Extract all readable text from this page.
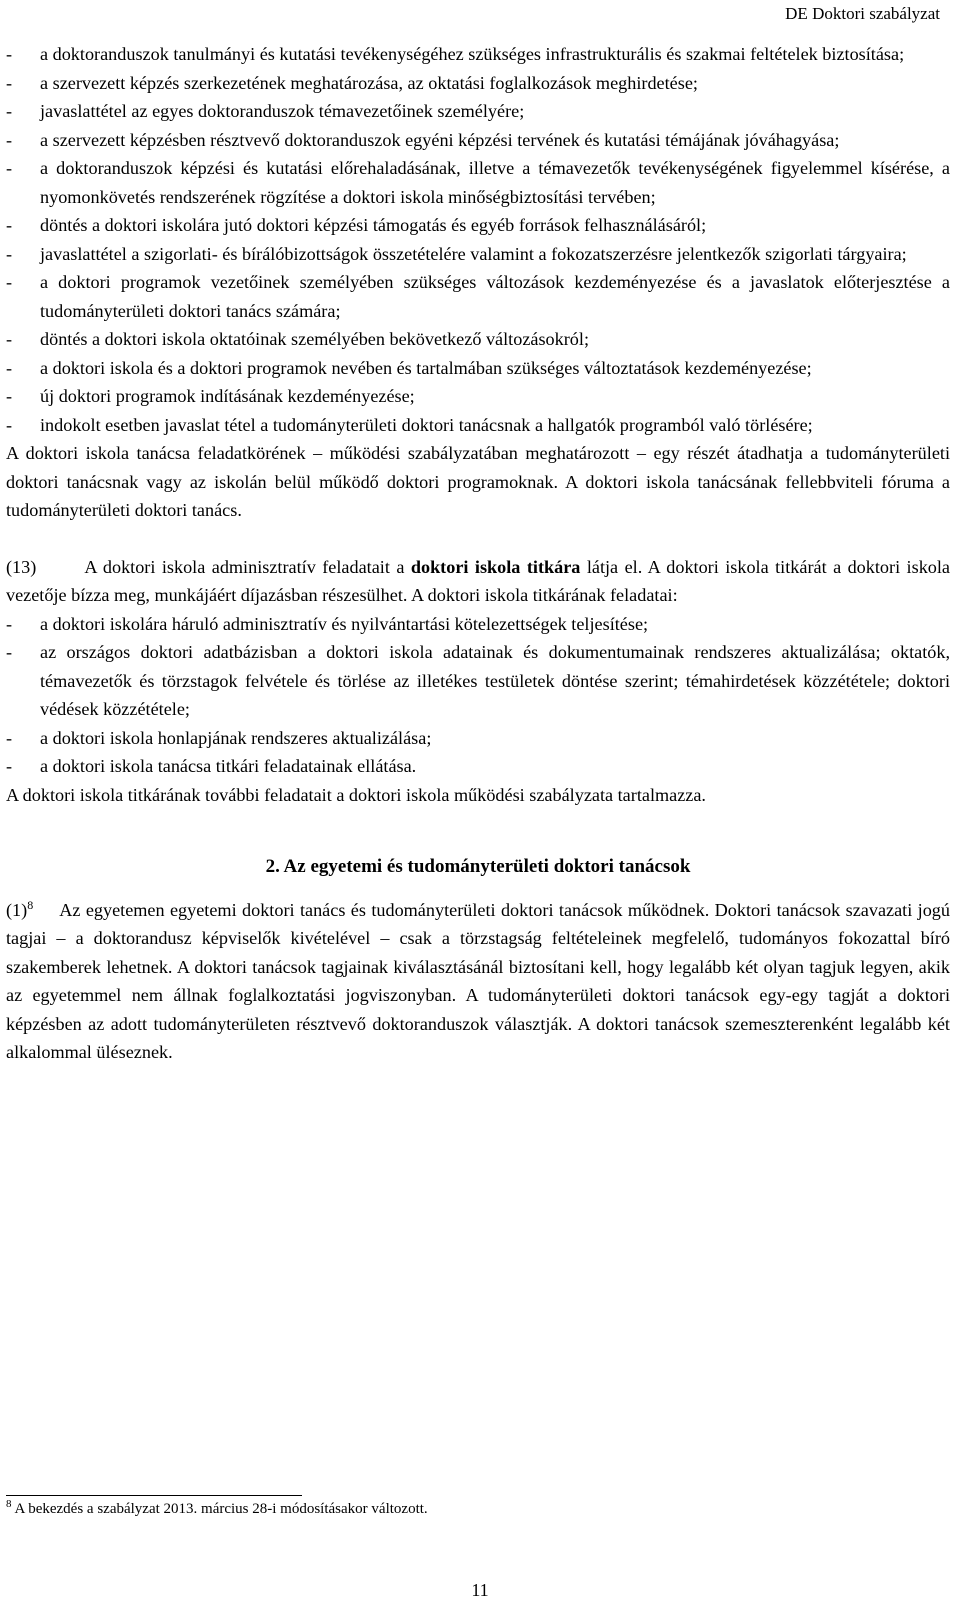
DE Doktori szabályzat
- a doktoranduszok tanulmányi és kutatási tevékenységéhez szükséges infrastrukturális és szakmai feltételek biztosítása;
- a szervezett képzés szerkezetének meghatározása, az oktatási foglalkozások meghirdetése;
- javaslattétel az egyes doktoranduszok témavezetőinek személyére;
- a szervezett képzésben résztvevő doktoranduszok egyéni képzési tervének és kutatási témájának jóváhagyása;
- a doktoranduszok képzési és kutatási előrehaladásának, illetve a témavezetők tevékenységének figyelemmel kísérése, a nyomonkövetés rendszerének rögzítése a doktori iskola minőségbiztosítási tervében;
- döntés a doktori iskolára jutó doktori képzési támogatás és egyéb források felhasználásáról;
- javaslattétel a szigorlati- és bírálóbizottságok összetételére valamint a fokozatszerzésre jelentkezők szigorlati tárgyaira;
- a doktori programok vezetőinek személyében szükséges változások kezdeményezése és a javaslatok előterjesztése a tudományterületi doktori tanács számára;
- döntés a doktori iskola oktatóinak személyében bekövetkező változásokról;
- a doktori iskola és a doktori programok nevében és tartalmában szükséges változtatások kezdeményezése;
- új doktori programok indításának kezdeményezése;
- indokolt esetben javaslat tétel a tudományterületi doktori tanácsnak a hallgatók programból való törlésére;

A doktori iskola tanácsa feladatkörének – működési szabályzatában meghatározott – egy részét átadhatja a tudományterületi doktori tanácsnak vagy az iskolán belül működő doktori programoknak. A doktori iskola tanácsának fellebbviteli fóruma a tudományterületi doktori tanács.

(13)	A doktori iskola adminisztratív feladatait a doktori iskola titkára látja el. A doktori iskola titkárát a doktori iskola vezetője bízza meg, munkájáért díjazásban részesülhet. A doktori iskola titkárának feladatai:

- a doktori iskolára háruló adminisztratív és nyilvántartási kötelezettségek teljesítése;
- az országos doktori adatbázisban a doktori iskola adatainak és dokumentumainak rendszeres aktualizálása; oktatók, témavezetők és törzstagok felvétele és törlése az illetékes testületek döntése szerint; témahirdetések közzététele; doktori védések közzététele;
- a doktori iskola honlapjának rendszeres aktualizálása;
- a doktori iskola tanácsa titkári feladatainak ellátása.

A doktori iskola titkárának további feladatait a doktori iskola működési szabályzata tartalmazza.

2. Az egyetemi és tudományterületi doktori tanácsok

$(1)^8$ Az egyetemen egyetemi doktori tanács és tudományterületi doktori tanácsok működnek. Doktori tanácsok szavazati jogú tagjai – a doktorandusz képviselők kivételével – csak a törzstagság feltételeinek megfelelő, tudományos fokozattal bíró szakemberek lehetnek. A doktori tanácsok tagjainak kiválasztásánál biztosítani kell, hogy legalább két olyan tagjuk legyen, akik az egyetemmel nem állnak foglalkoztatási jogviszonyban. A tudományterületi doktori tanácsok egy-egy tagját a doktori képzésben az adott tudományterületen résztvevő doktoranduszok választják. A doktori tanácsok szemeszterenként legalább két alkalommal üléseznek.

$^8$ A bekezdés a szabályzat 2013. március 28-i módosításakor változott.
11
